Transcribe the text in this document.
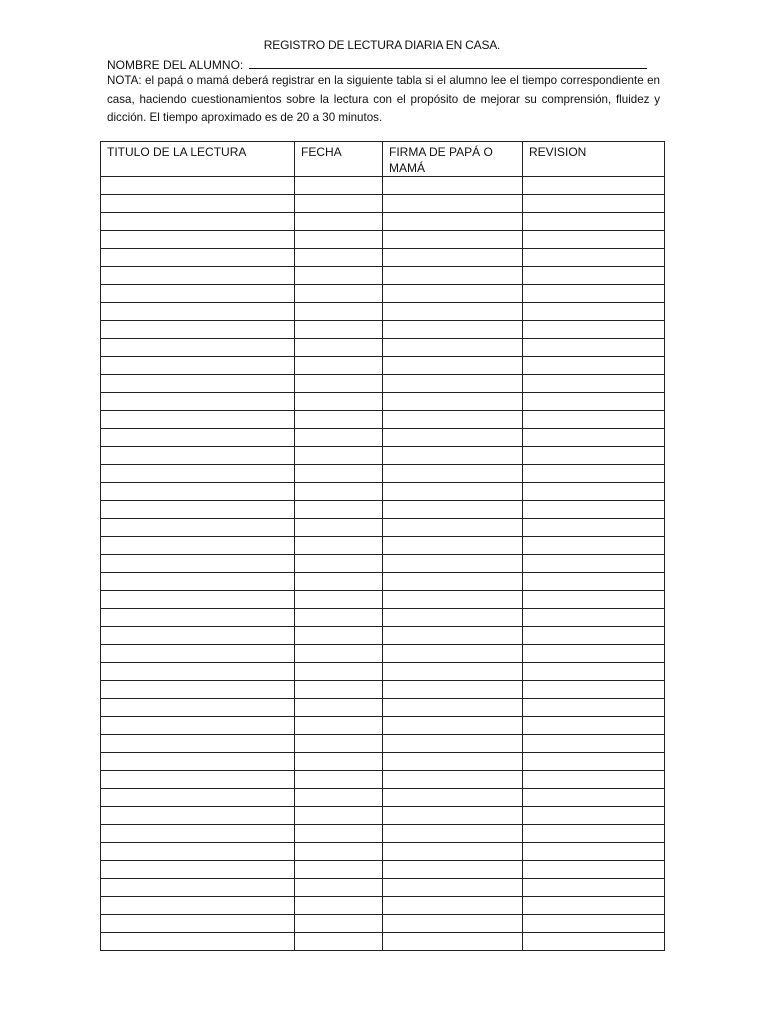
REGISTRO DE LECTURA DIARIA EN CASA.
NOMBRE DEL ALUMNO:
NOTA: el papá o mamá deberá registrar en la siguiente tabla si el alumno lee el tiempo correspondiente en casa, haciendo cuestionamientos sobre la lectura con el propósito de mejorar su comprensión, fluidez y dicción. El tiempo aproximado es de 20 a 30 minutos.
TITULO DE LA LECTURA	FECHA	FIRMA DE PAPÁ O MAMÁ	REVISION
